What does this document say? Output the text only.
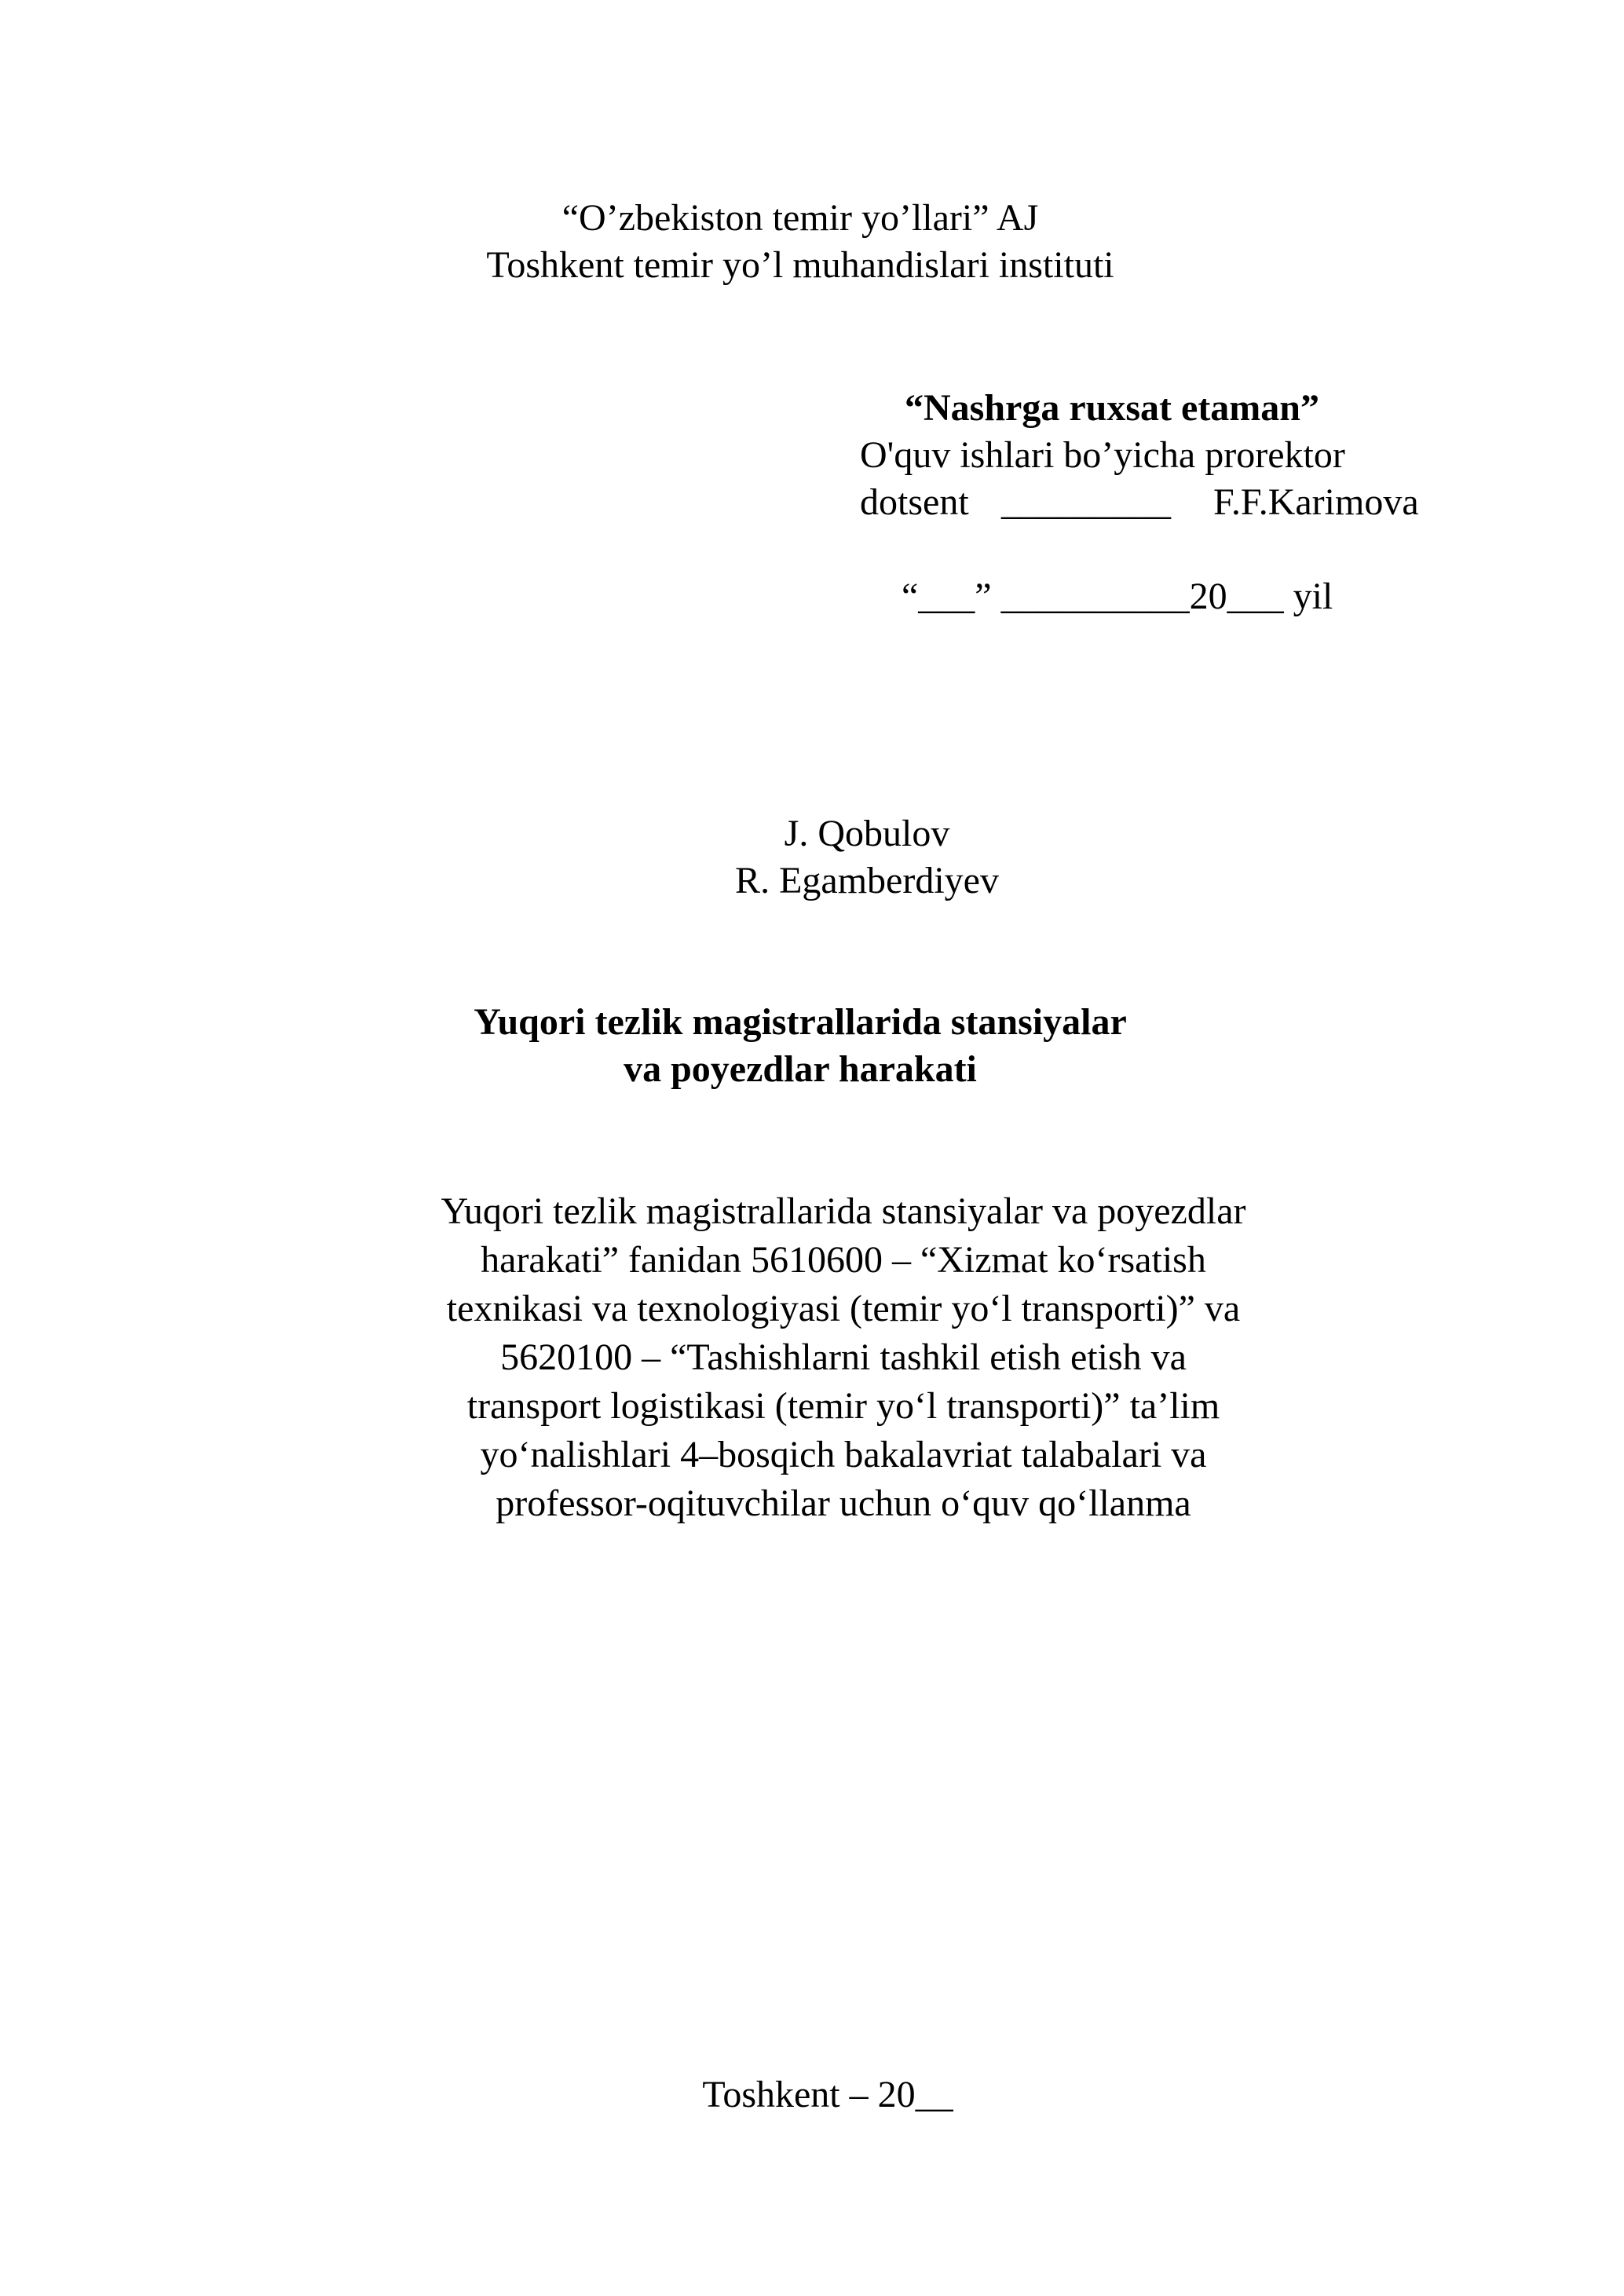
“O’zbekiston temir yo’llari” AJ
Toshkent temir yo’l muhandislari instituti
“Nashrga ruxsat etaman”
O'quv ishlari bo’yicha prorektor
dotsent _________ F.F.Karimova
“___” __________20___ yil
J. Qobulov
R. Egamberdiyev
Yuqori tezlik magistrallarida stansiyalar
va poyezdlar harakati
Yuqori tezlik magistrallarida stansiyalar va poyezdlar
harakati” fanidan 5610600 – “Xizmat ko‘rsatish
texnikasi va texnologiyasi (temir yo‘l transporti)” va
5620100 – “Tashishlarni tashkil etish etish va
transport logistikasi (temir yo‘l transporti)” ta’lim
yo‘nalishlari 4–bosqich bakalavriat talabalari va
professor-oqituvchilar uchun o‘quv qo‘llanma
Toshkent – 20__
